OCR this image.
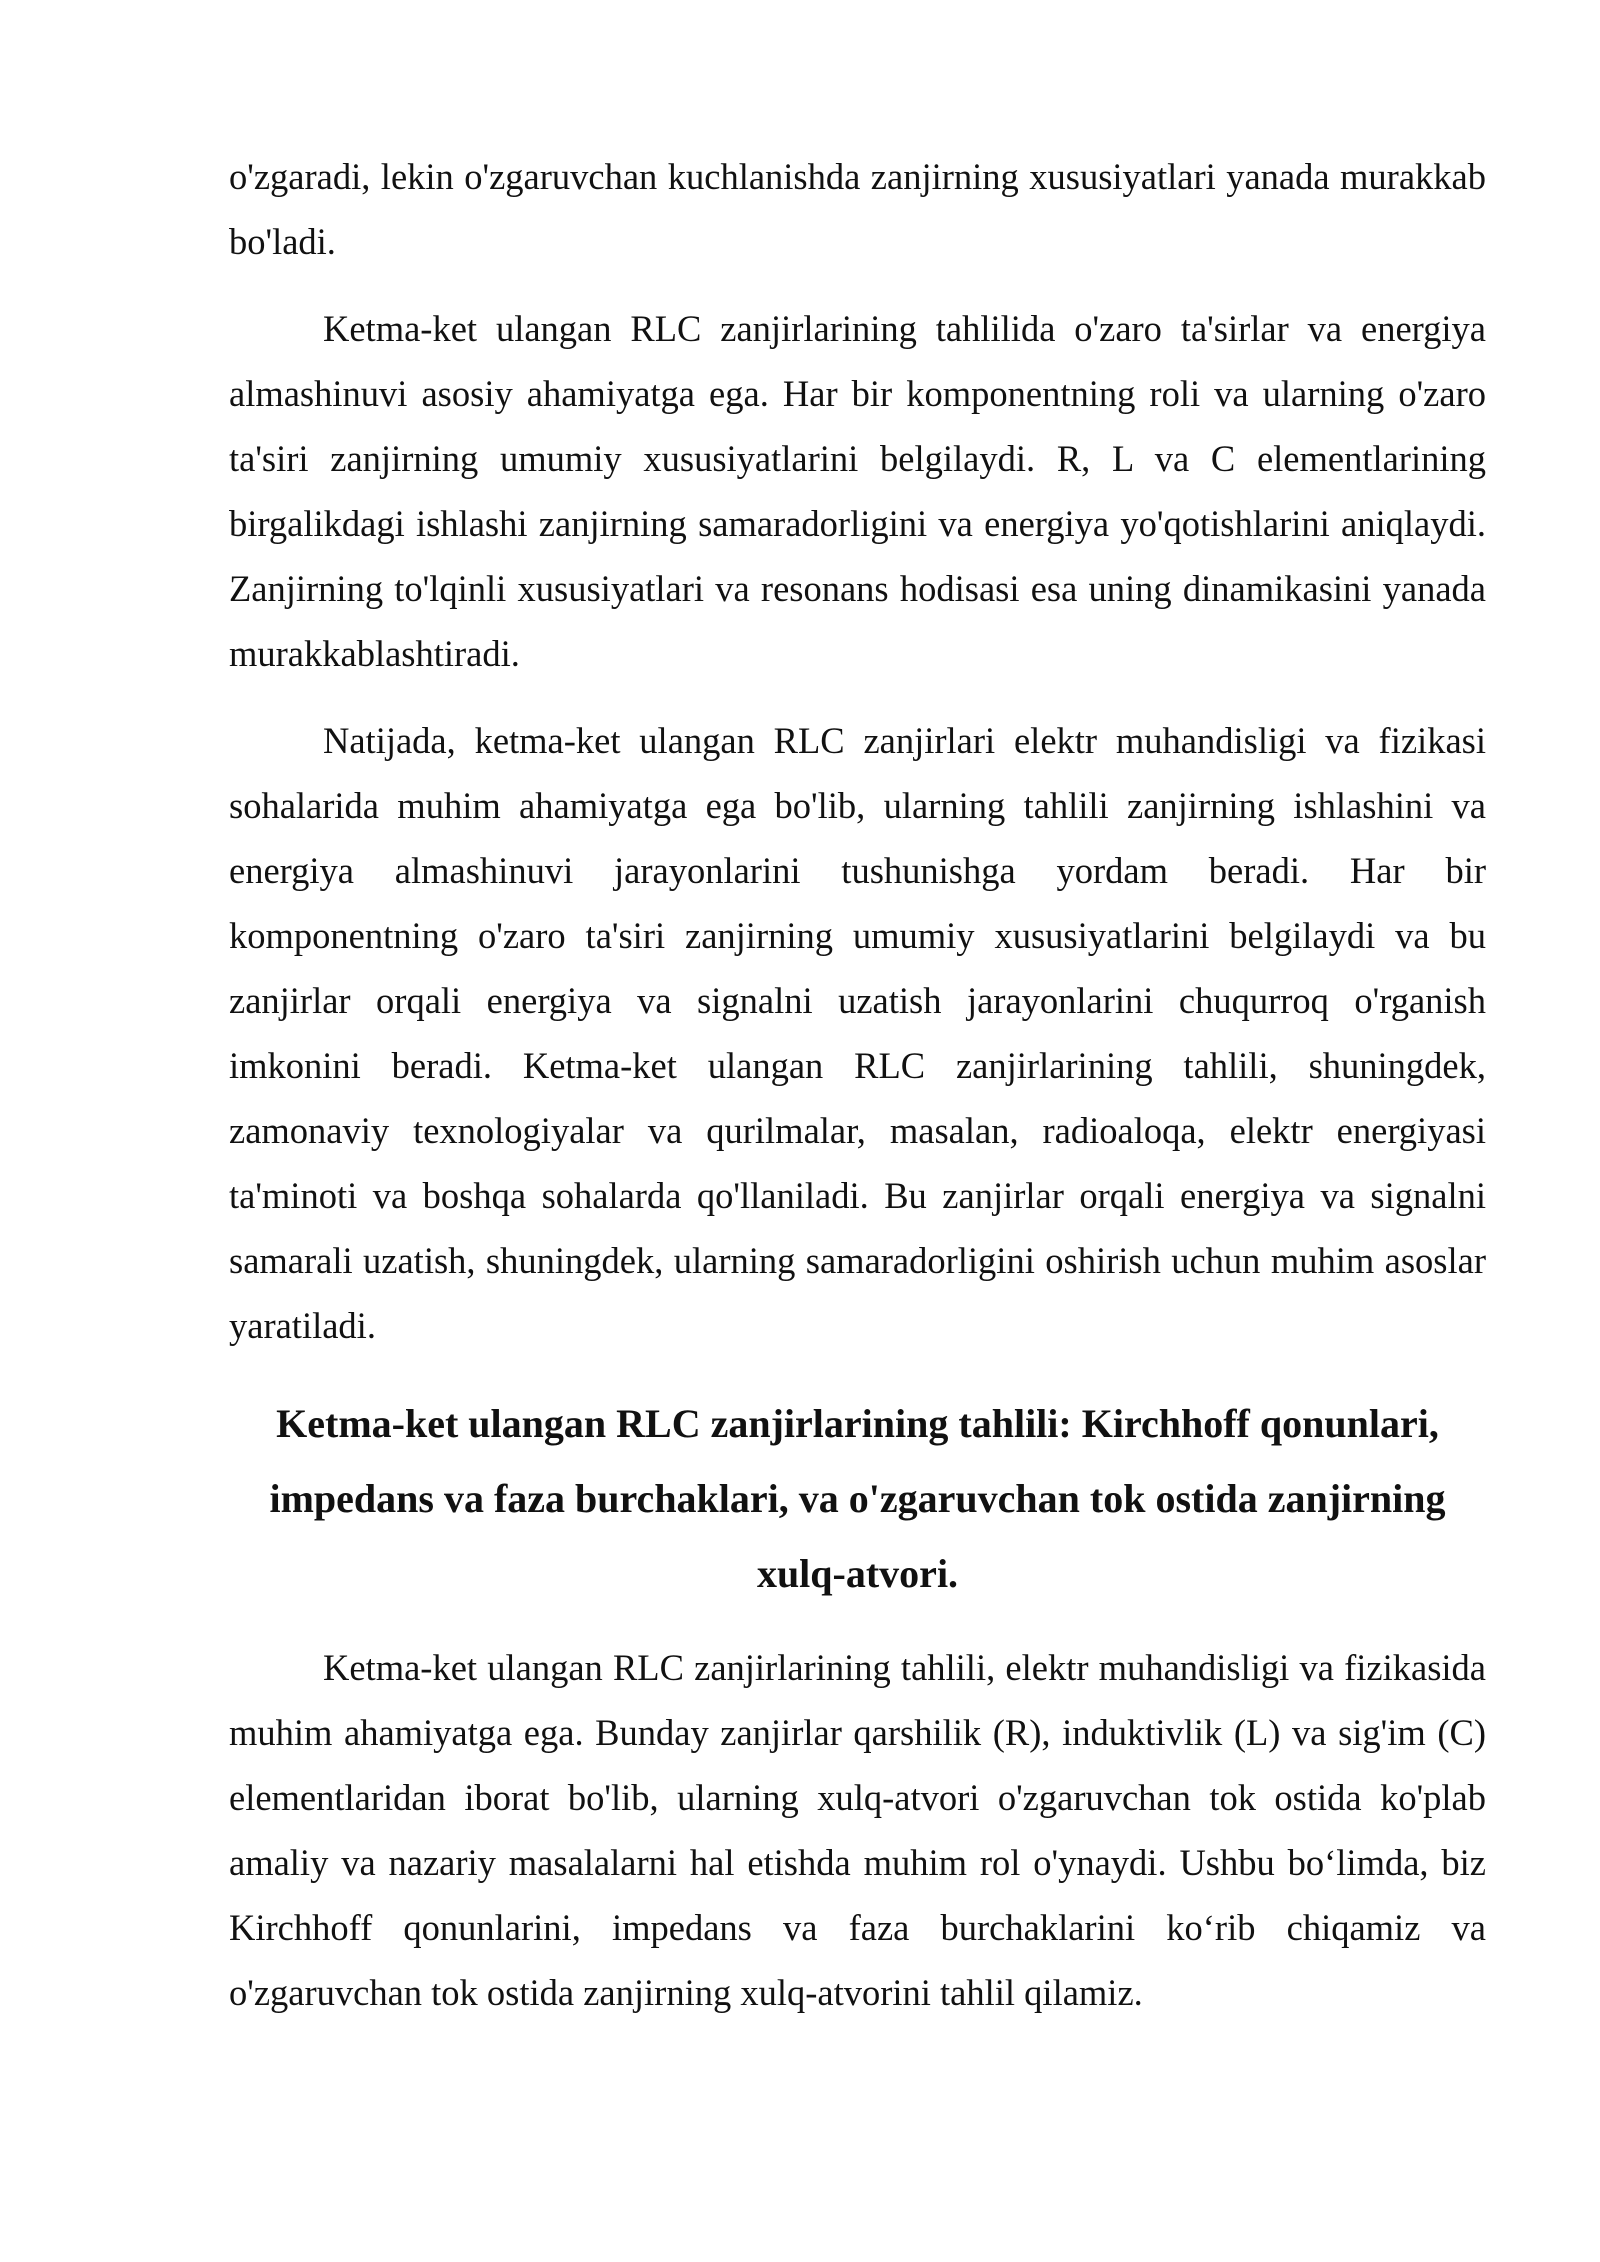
o'zgaradi, lekin o'zgaruvchan kuchlanishda zanjirning xususiyatlari yanada murakkab bo'ladi.

Ketma-ket ulangan RLC zanjirlarining tahlilida o'zaro ta'sirlar va energiya almashinuvi asosiy ahamiyatga ega. Har bir komponentning roli va ularning o'zaro ta'siri zanjirning umumiy xususiyatlarini belgilaydi. R, L va C elementlarining birgalikdagi ishlashi zanjirning samaradorligini va energiya yo'qotishlarini aniqlaydi. Zanjirning to'lqinli xususiyatlari va resonans hodisasi esa uning dinamikasini yanada murakkablashtiradi.

Natijada, ketma-ket ulangan RLC zanjirlari elektr muhandisligi va fizikasi sohalarida muhim ahamiyatga ega bo'lib, ularning tahlili zanjirning ishlashini va energiya almashinuvi jarayonlarini tushunishga yordam beradi. Har bir komponentning o'zaro ta'siri zanjirning umumiy xususiyatlarini belgilaydi va bu zanjirlar orqali energiya va signalni uzatish jarayonlarini chuqurroq o'rganish imkonini beradi. Ketma-ket ulangan RLC zanjirlarining tahlili, shuningdek, zamonaviy texnologiyalar va qurilmalar, masalan, radioaloqa, elektr energiyasi ta'minoti va boshqa sohalarda qo'llaniladi. Bu zanjirlar orqali energiya va signalni samarali uzatish, shuningdek, ularning samaradorligini oshirish uchun muhim asoslar yaratiladi.

Ketma-ket ulangan RLC zanjirlarining tahlili: Kirchhoff qonunlari, impedans va faza burchaklari, va o'zgaruvchan tok ostida zanjirning xulq-atvori.

Ketma-ket ulangan RLC zanjirlarining tahlili, elektr muhandisligi va fizikasida muhim ahamiyatga ega. Bunday zanjirlar qarshilik (R), induktivlik (L) va sig'im (C) elementlaridan iborat bo'lib, ularning xulq-atvori o'zgaruvchan tok ostida ko'plab amaliy va nazariy masalalarni hal etishda muhim rol o'ynaydi. Ushbu bo‘limda, biz Kirchhoff qonunlarini, impedans va faza burchaklarini ko‘rib chiqamiz va o'zgaruvchan tok ostida zanjirning xulq-atvorini tahlil qilamiz.
